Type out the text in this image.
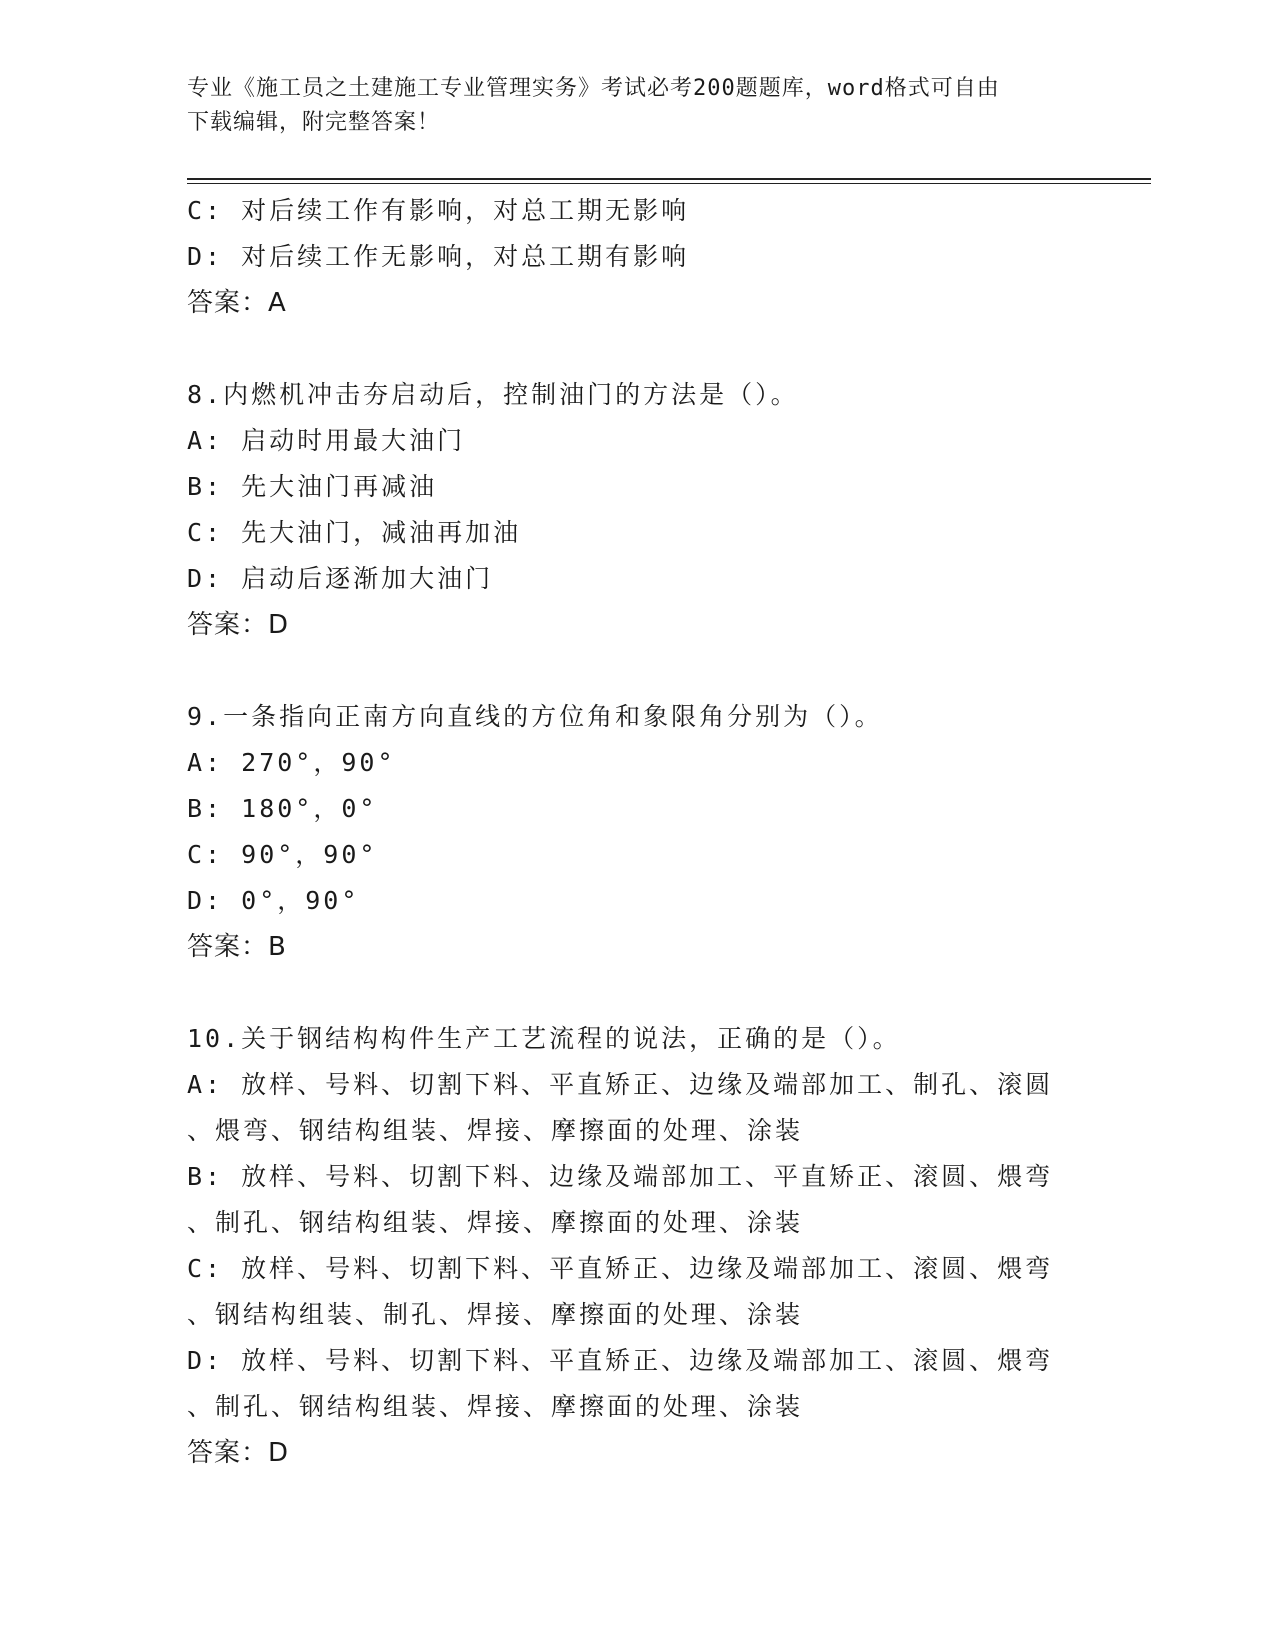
专业《施工员之土建施工专业管理实务》考试必考200题题库，word格式可自由
下载编辑，附完整答案！
C: 对后续工作有影响，对总工期无影响
D: 对后续工作无影响，对总工期有影响
答案：A
8.内燃机冲击夯启动后，控制油门的方法是（）。
A: 启动时用最大油门
B: 先大油门再减油
C: 先大油门，减油再加油
D: 启动后逐渐加大油门
答案：D
9.一条指向正南方向直线的方位角和象限角分别为（）。
A: 270°，90°
B: 180°，0°
C: 90°，90°
D: 0°，90°
答案：B
10.关于钢结构构件生产工艺流程的说法，正确的是（）。
A: 放样、号料、切割下料、平直矫正、边缘及端部加工、制孔、滚圆
、煨弯、钢结构组装、焊接、摩擦面的处理、涂装
B: 放样、号料、切割下料、边缘及端部加工、平直矫正、滚圆、煨弯
、制孔、钢结构组装、焊接、摩擦面的处理、涂装
C: 放样、号料、切割下料、平直矫正、边缘及端部加工、滚圆、煨弯
、钢结构组装、制孔、焊接、摩擦面的处理、涂装
D: 放样、号料、切割下料、平直矫正、边缘及端部加工、滚圆、煨弯
、制孔、钢结构组装、焊接、摩擦面的处理、涂装
答案：D
